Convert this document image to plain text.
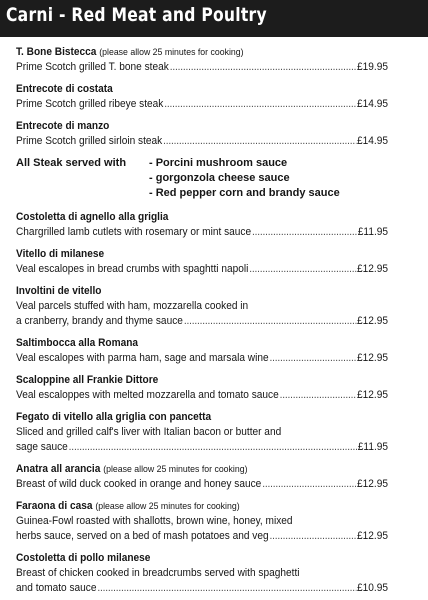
Carni - Red Meat and Poultry
T. Bone Bistecca (please allow 25 minutes for cooking)
Prime Scotch grilled T. bone steak .....	£19.95
Entrecote di costata
Prime Scotch grilled ribeye steak .....	£14.95
Entrecote di manzo
Prime Scotch grilled sirloin steak .....	£14.95
All Steak served with	- Porcini mushroom sauce
- gorgonzola cheese sauce
- Red pepper corn and brandy sauce
Costoletta di agnello alla griglia
Chargrilled lamb cutlets with rosemary or mint sauce .....	£11.95
Vitello di milanese
Veal escalopes in bread crumbs with spaghtti napoli .....	£12.95
Involtini de vitello
Veal parcels stuffed with ham, mozzarella cooked in
a cranberry, brandy and thyme sauce .....	£12.95
Saltimbocca alla Romana
Veal escalopes with parma ham, sage and marsala wine .....	£12.95
Scaloppine all Frankie Dittore
Veal escaloppes with melted mozzarella and tomato sauce .....	£12.95
Fegato di vitello alla griglia con pancetta
Sliced and grilled calf's liver with Italian bacon or butter and
sage sauce .....	£11.95
Anatra all arancia (please allow 25 minutes for cooking)
Breast of wild duck cooked in orange and honey sauce .....	£12.95
Faraona di casa (please allow 25 minutes for cooking)
Guinea-Fowl roasted with shallotts, brown wine, honey, mixed
herbs sauce, served on a bed of mash potatoes and veg .....	£12.95
Costoletta di pollo milanese
Breast of chicken cooked in breadcrumbs served with spaghetti
and tomato sauce .....	£10.95
